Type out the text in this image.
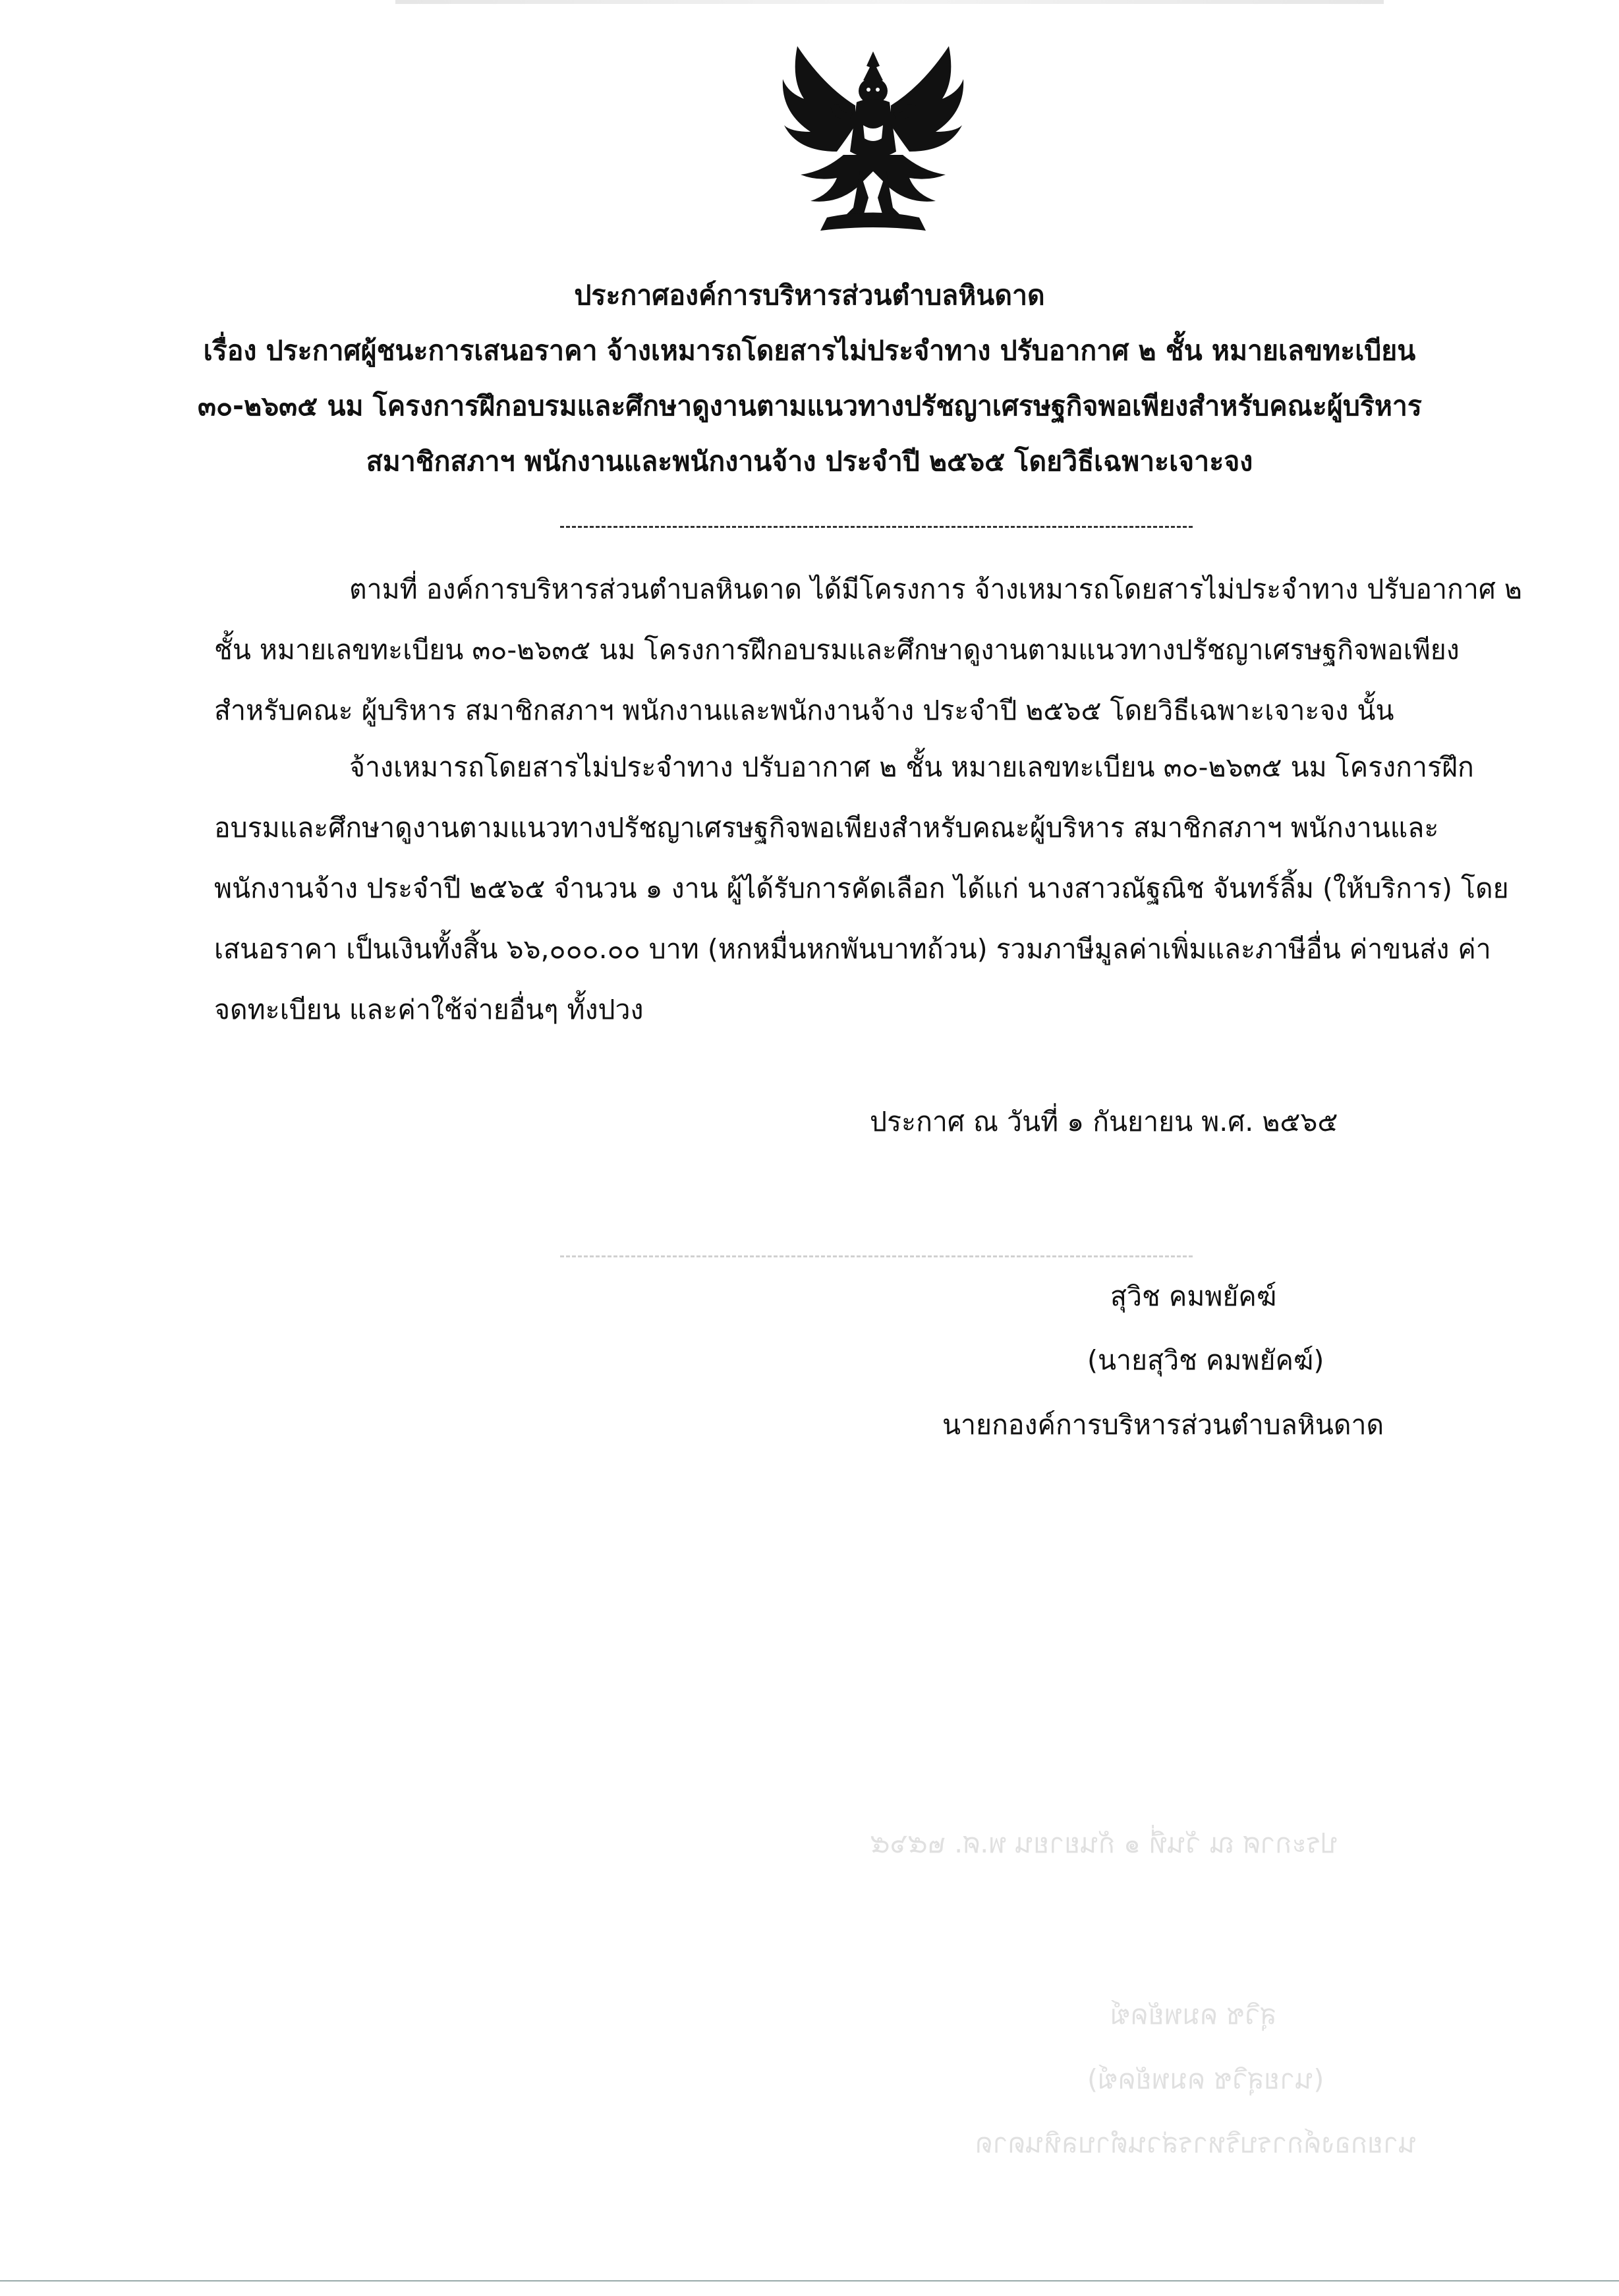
ประกาศองค์การบริหารส่วนตำบลหินดาด
เรื่อง ประกาศผู้ชนะการเสนอราคา จ้างเหมารถโดยสารไม่ประจำทาง ปรับอากาศ ๒ ชั้น หมายเลขทะเบียน
๓๐-๒๖๓๕ นม โครงการฝึกอบรมและศึกษาดูงานตามแนวทางปรัชญาเศรษฐกิจพอเพียงสำหรับคณะผู้บริหาร
สมาชิกสภาฯ พนักงานและพนักงานจ้าง ประจำปี ๒๕๖๕ โดยวิธีเฉพาะเจาะจง
ตามที่ องค์การบริหารส่วนตำบลหินดาด ได้มีโครงการ จ้างเหมารถโดยสารไม่ประจำทาง ปรับอากาศ ๒
ชั้น หมายเลขทะเบียน ๓๐-๒๖๓๕ นม โครงการฝึกอบรมและศึกษาดูงานตามแนวทางปรัชญาเศรษฐกิจพอเพียง
สำหรับคณะ ผู้บริหาร สมาชิกสภาฯ พนักงานและพนักงานจ้าง ประจำปี ๒๕๖๕ โดยวิธีเฉพาะเจาะจง นั้น
จ้างเหมารถโดยสารไม่ประจำทาง ปรับอากาศ ๒ ชั้น หมายเลขทะเบียน ๓๐-๒๖๓๕ นม โครงการฝึก
อบรมและศึกษาดูงานตามแนวทางปรัชญาเศรษฐกิจพอเพียงสำหรับคณะผู้บริหาร สมาชิกสภาฯ พนักงานและ
พนักงานจ้าง ประจำปี ๒๕๖๕ จำนวน ๑ งาน ผู้ได้รับการคัดเลือก ได้แก่ นางสาวณัฐณิช จันทร์ลิ้ม (ให้บริการ) โดย
เสนอราคา เป็นเงินทั้งสิ้น ๖๖,๐๐๐.๐๐ บาท (หกหมื่นหกพันบาทถ้วน) รวมภาษีมูลค่าเพิ่มและภาษีอื่น ค่าขนส่ง ค่า
จดทะเบียน และค่าใช้จ่ายอื่นๆ ทั้งปวง
ประกาศ ณ วันที่ ๑ กันยายน พ.ศ. ๒๕๖๕
สุวิช คมพยัคฆ์
(นายสุวิช คมพยัคฆ์)
นายกองค์การบริหารส่วนตำบลหินดาด
ประกาศ ณ วันที่ ๑ กันยายน พ.ศ. ๒๕๖๕
สุวิช คมพยัคฆ์
(นายสุวิช คมพยัคฆ์)
นายกองค์การบริหารส่วนตำบลหินดาด
